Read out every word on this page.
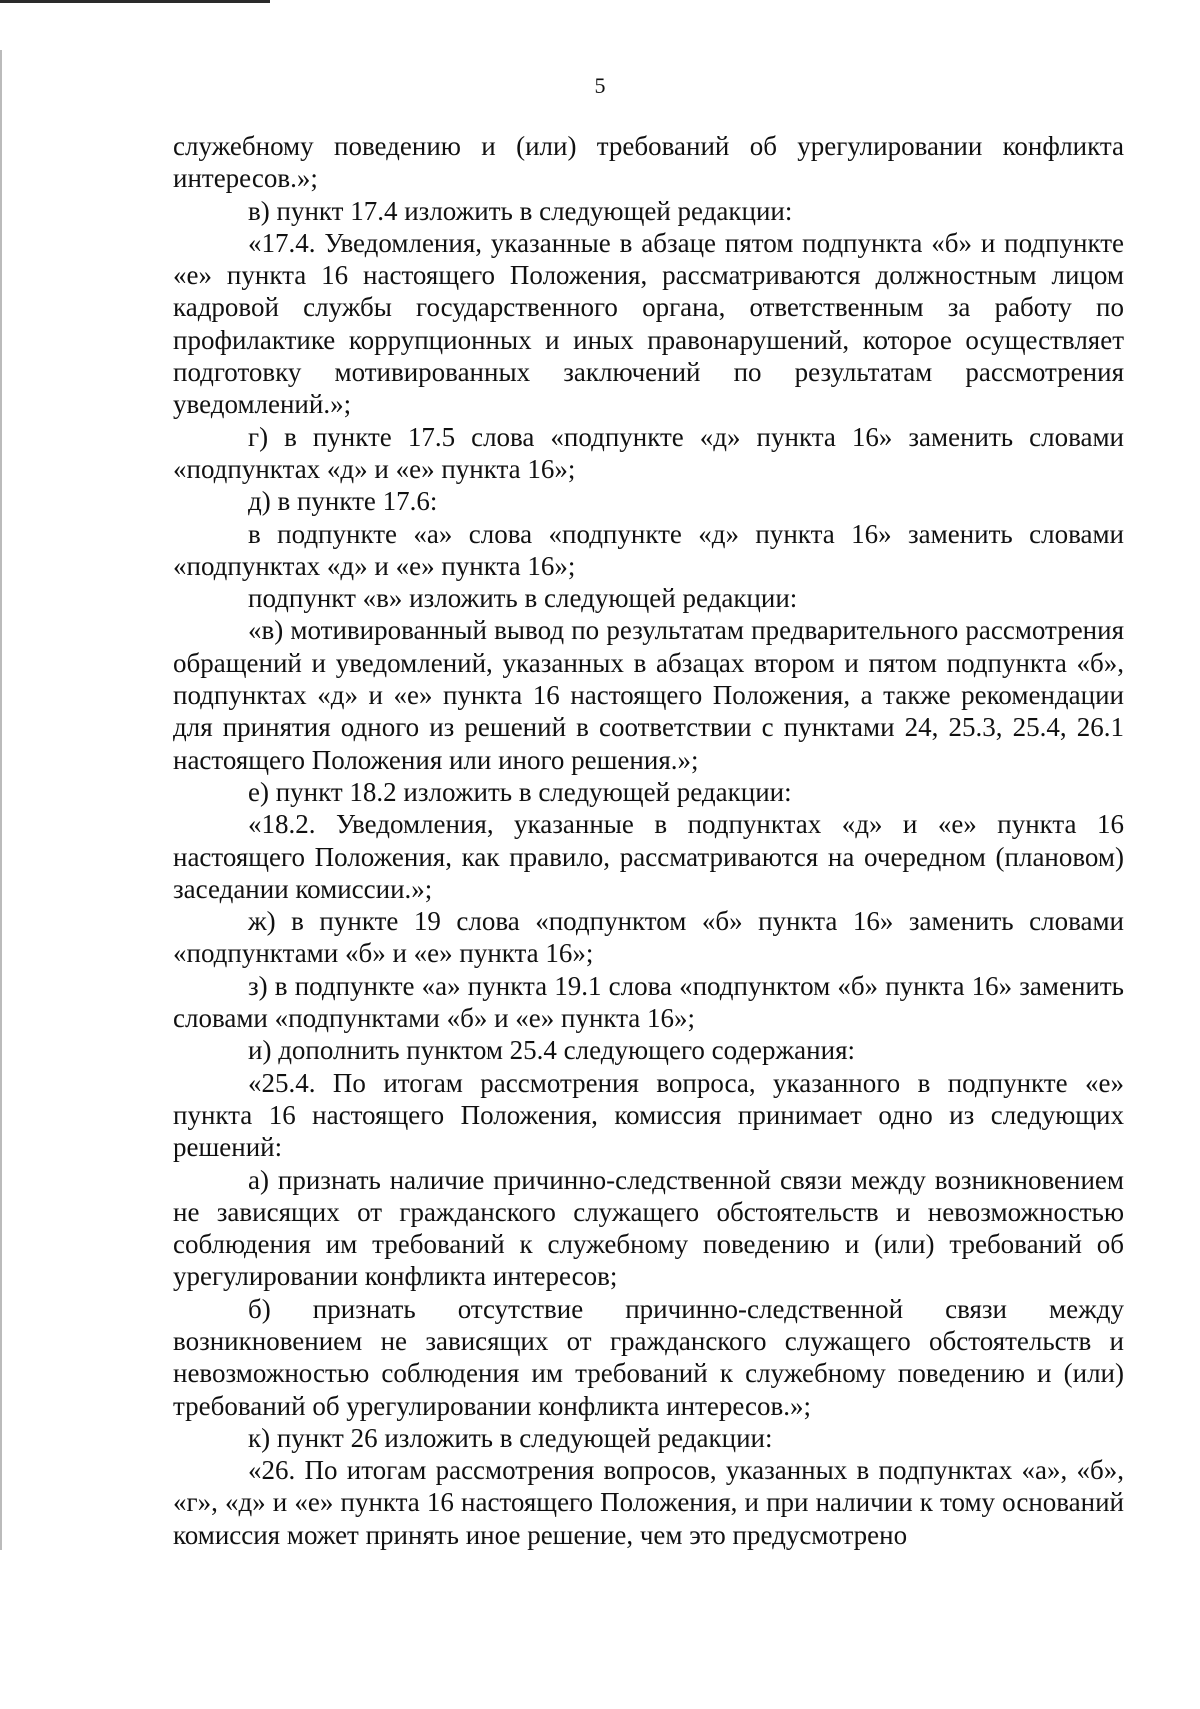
5

служебному поведению и (или) требований об урегулировании конфликта интересов.»;

в) пункт 17.4 изложить в следующей редакции:

«17.4. Уведомления, указанные в абзаце пятом подпункта «б» и подпункте «е» пункта 16 настоящего Положения, рассматриваются должностным лицом кадровой службы государственного органа, ответственным за работу по профилактике коррупционных и иных правонарушений, которое осуществляет подготовку мотивированных заключений по результатам рассмотрения уведомлений.»;

г) в пункте 17.5 слова «подпункте «д» пункта 16» заменить словами «подпунктах «д» и «е» пункта 16»;

д) в пункте 17.6:

в подпункте «а» слова «подпункте «д» пункта 16» заменить словами «подпунктах «д» и «е» пункта 16»;

подпункт «в» изложить в следующей редакции:

«в) мотивированный вывод по результатам предварительного рассмотрения обращений и уведомлений, указанных в абзацах втором и пятом подпункта «б», подпунктах «д» и «е» пункта 16 настоящего Положения, а также рекомендации для принятия одного из решений в соответствии с пунктами 24, 25.3, 25.4, 26.1 настоящего Положения или иного решения.»;

е) пункт 18.2 изложить в следующей редакции:

«18.2. Уведомления, указанные в подпунктах «д» и «е» пункта 16 настоящего Положения, как правило, рассматриваются на очередном (плановом) заседании комиссии.»;

ж) в пункте 19 слова «подпунктом «б» пункта 16» заменить словами «подпунктами «б» и «е» пункта 16»;

з) в подпункте «а» пункта 19.1 слова «подпунктом «б» пункта 16» заменить словами «подпунктами «б» и «е» пункта 16»;

и) дополнить пунктом 25.4 следующего содержания:

«25.4. По итогам рассмотрения вопроса, указанного в подпункте «е» пункта 16 настоящего Положения, комиссия принимает одно из следующих решений:

а) признать наличие причинно-следственной связи между возникновением не зависящих от гражданского служащего обстоятельств и невозможностью соблюдения им требований к служебному поведению и (или) требований об урегулировании конфликта интересов;

б) признать отсутствие причинно-следственной связи между возникновением не зависящих от гражданского служащего обстоятельств и невозможностью соблюдения им требований к служебному поведению и (или) требований об урегулировании конфликта интересов.»;

к) пункт 26 изложить в следующей редакции:

«26. По итогам рассмотрения вопросов, указанных в подпунктах «а», «б», «г», «д» и «е» пункта 16 настоящего Положения, и при наличии к тому оснований комиссия может принять иное решение, чем это предусмотрено
